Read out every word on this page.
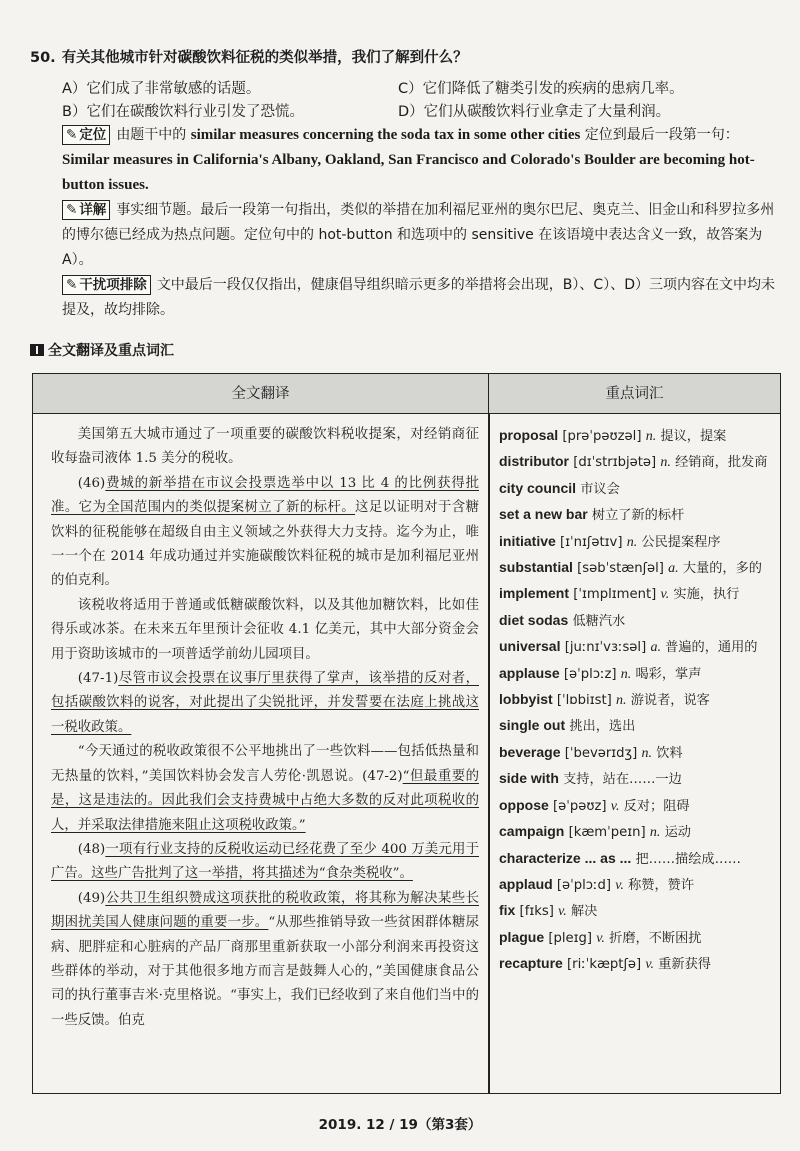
50. 有关其他城市针对碳酸饮料征税的类似举措，我们了解到什么？
A）它们成了非常敏感的话题。	C）它们降低了糖类引发的疾病的患病几率。
B）它们在碳酸饮料行业引发了恐慌。	D）它们从碳酸饮料行业拿走了大量利润。
✎ 定位 由题干中的 similar measures concerning the soda tax in some other cities 定位到最后一段第一句：Similar measures in California's Albany, Oakland, San Francisco and Colorado's Boulder are becoming hot-button issues.
✎ 详解 事实细节题。最后一段第一句指出，类似的举措在加利福尼亚州的奥尔巴尼、奥克兰、旧金山和科罗拉多州的博尔德已经成为热点问题。定位句中的 hot-button 和选项中的 sensitive 在该语境中表达含义一致，故答案为 A）。
✎ 干扰项排除 文中最后一段仅仅指出，健康倡导组织暗示更多的举措将会出现，B）、C）、D）三项内容在文中均未提及，故均排除。
全文翻译及重点词汇
全文翻译	重点词汇

美国第五大城市通过了一项重要的碳酸饮料税收提案，对经销商征收每盎司液体 1.5 美分的税收。

(46)费城的新举措在市议会投票选举中以 13 比 4 的比例获得批准。它为全国范围内的类似提案树立了新的标杆。这足以证明对于含糖饮料的征税能够在超级自由主义领域之外获得大力支持。迄今为止，唯一一个在 2014 年成功通过并实施碳酸饮料征税的城市是加利福尼亚州的伯克利。

该税收将适用于普通或低糖碳酸饮料，以及其他加糖饮料，比如佳得乐或冰茶。在未来五年里预计会征收 4.1 亿美元，其中大部分资金会用于资助该城市的一项普适学前幼儿园项目。

(47-1)尽管市议会投票在议事厅里获得了掌声，该举措的反对者，包括碳酸饮料的说客，对此提出了尖锐批评，并发誓要在法庭上挑战这一税收政策。

“今天通过的税收政策很不公平地挑出了一些饮料——包括低热量和无热量的饮料，”美国饮料协会发言人劳伦·凯恩说。(47-2)“但最重要的是，这是违法的。因此我们会支持费城中占绝大多数的反对此项税收的人，并采取法律措施来阻止这项税收政策。”

(48)一项有行业支持的反税收运动已经花费了至少 400 万美元用于广告。这些广告批判了这一举措，将其描述为“食杂类税收”。

(49)公共卫生组织赞成这项获批的税收政策，将其称为解决某些长期困扰美国人健康问题的重要一步。“从那些推销导致一些贫困群体糖尿病、肥胖症和心脏病的产品厂商那里重新获取一小部分利润来再投资这些群体的举动，对于其他很多地方而言是鼓舞人心的，”美国健康食品公司的执行董事吉米·克里格说。“事实上，我们已经收到了来自他们当中的一些反馈。伯克

proposal [prəˈpəʊzəl] n. 提议，提案
distributor [dɪˈstrɪbjətə] n. 经销商，批发商
city council 市议会
set a new bar 树立了新的标杆
initiative [ɪˈnɪʃətɪv] n. 公民提案程序
substantial [səbˈstænʃəl] a. 大量的，多的
implement [ˈɪmplɪment] v. 实施，执行
diet sodas 低糖汽水
universal [juːnɪˈvɜːsəl] a. 普遍的，通用的
applause [əˈplɔːz] n. 喝彩，掌声
lobbyist [ˈlɒbiɪst] n. 游说者，说客
single out 挑出，选出
beverage [ˈbevərɪdʒ] n. 饮料
side with 支持，站在……一边
oppose [əˈpəʊz] v. 反对；阻碍
campaign [kæmˈpeɪn] n. 运动
characterize ... as ... 把……描绘成……
applaud [əˈplɔːd] v. 称赞，赞许
fix [fɪks] v. 解决
plague [pleɪg] v. 折磨，不断困扰
recapture [riːˈkæptʃə] v. 重新获得
2019. 12 / 19（第3套）
